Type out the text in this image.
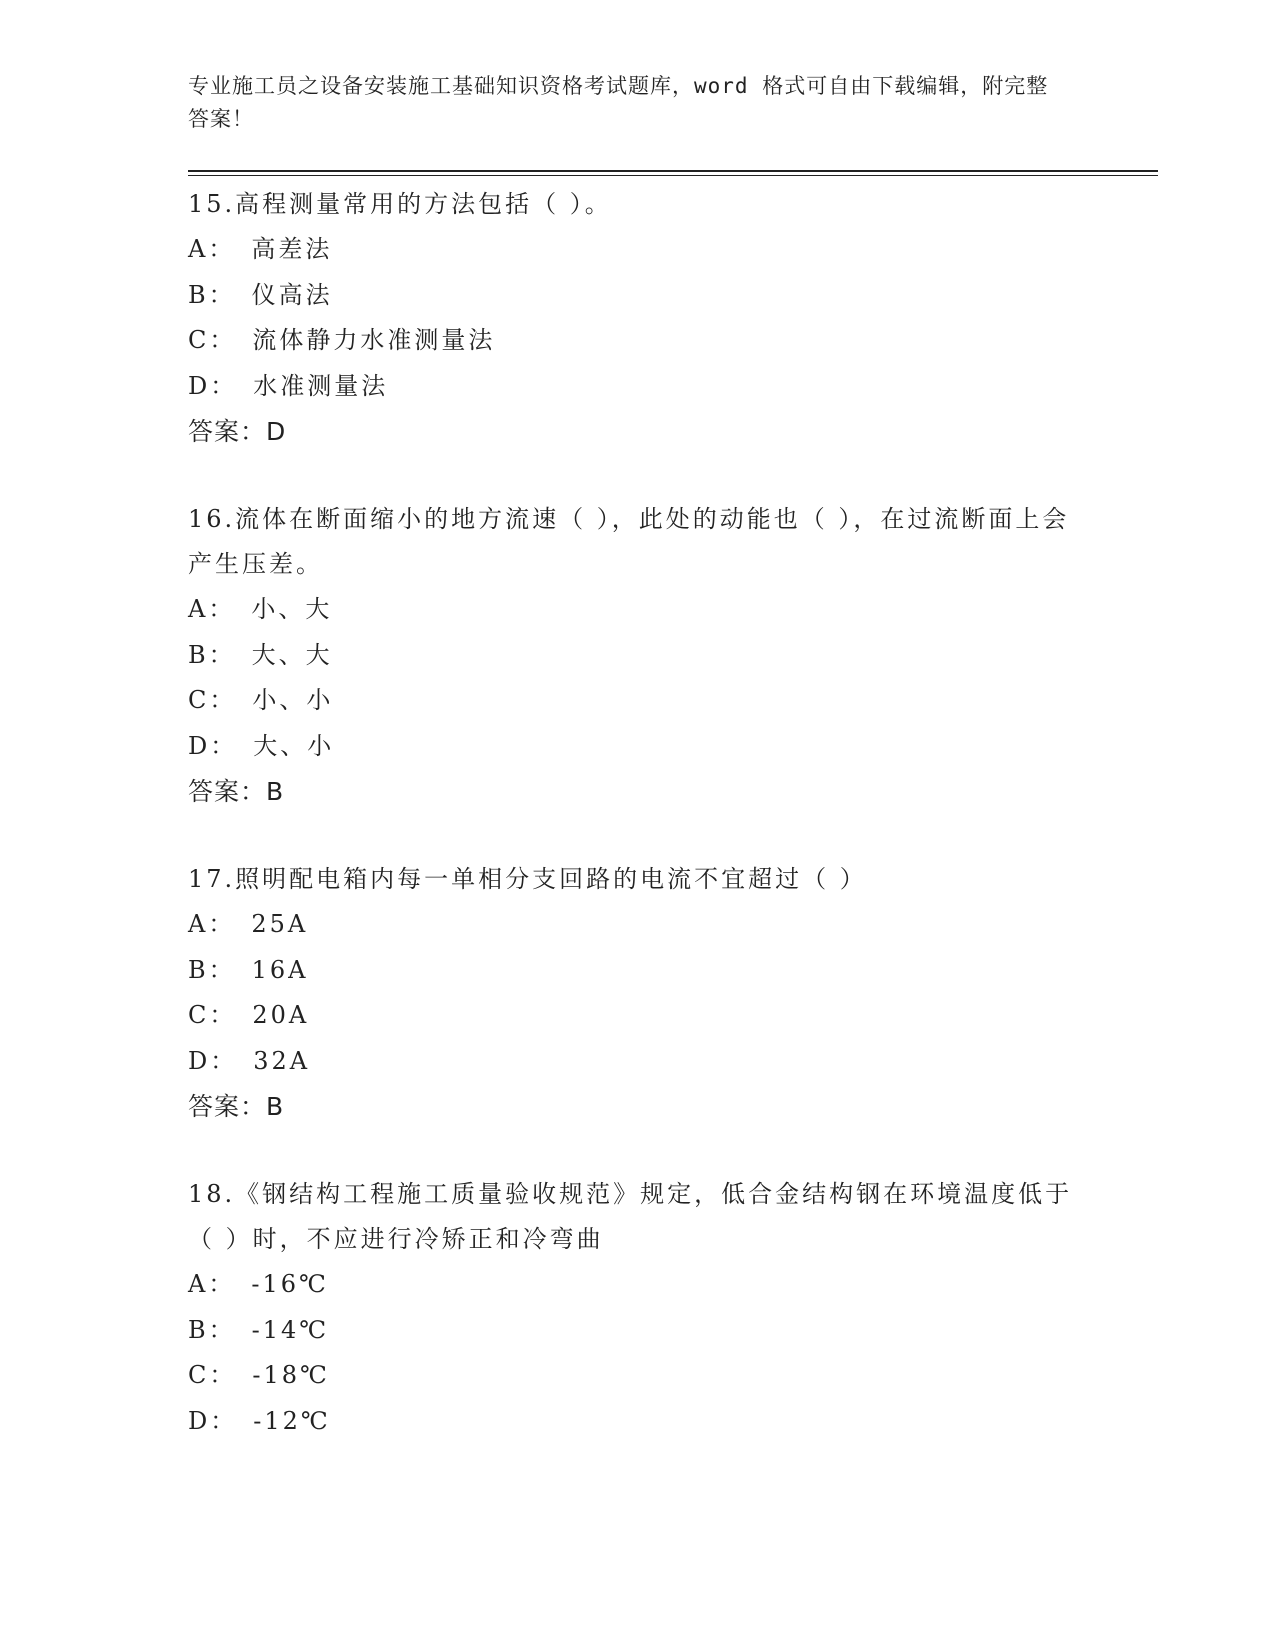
专业施工员之设备安装施工基础知识资格考试题库，word 格式可自由下载编辑，附完整答案！

15.高程测量常用的方法包括（ ）。

A： 高差法

B： 仪高法

C： 流体静力水准测量法

D： 水准测量法

答案：D

16.流体在断面缩小的地方流速（ ），此处的动能也（ ），在过流断面上会产生压差。

A： 小、大

B： 大、大

C： 小、小

D： 大、小

答案：B

17.照明配电箱内每一单相分支回路的电流不宜超过（ ）

A： 25A

B： 16A

C： 20A

D： 32A

答案：B

18.《钢结构工程施工质量验收规范》规定，低合金结构钢在环境温度低于（ ）时，不应进行冷矫正和冷弯曲

A： -16℃

B： -14℃

C： -18℃

D： -12℃
